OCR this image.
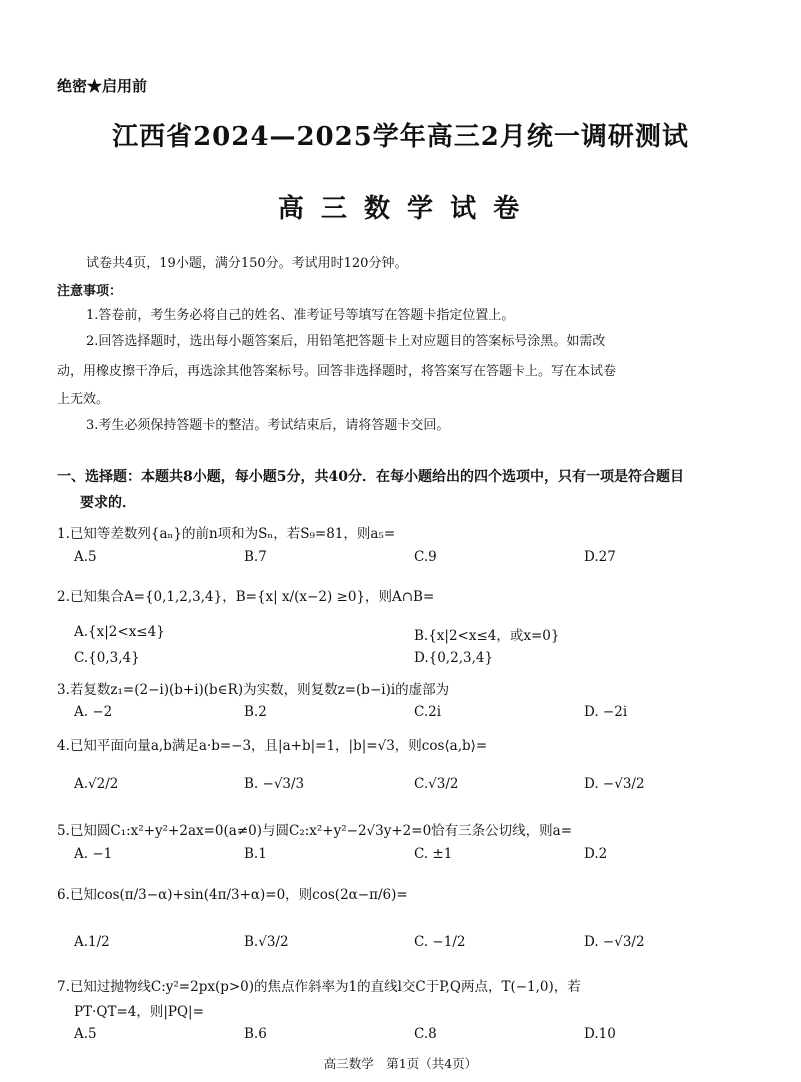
绝密★启用前
江西省2024—2025学年高三2月统一调研测试
高 三 数 学 试 卷
试卷共4页，19小题，满分150分。考试用时120分钟。
注意事项：
1.答卷前，考生务必将自己的姓名、准考证号等填写在答题卡指定位置上。
2.回答选择题时，选出每小题答案后，用铅笔把答题卡上对应题目的答案标号涂黑。如需改
动，用橡皮擦干净后，再选涂其他答案标号。回答非选择题时，将答案写在答题卡上。写在本试卷
上无效。
3.考生必须保持答题卡的整洁。考试结束后，请将答题卡交回。
一、选择题：本题共8小题，每小题5分，共40分．在每小题给出的四个选项中，只有一项是符合题目
要求的．
1.已知等差数列{aₙ}的前n项和为Sₙ，若S₉=81，则a₅=
A.5	B.7	C.9	D.27
2.已知集合A={0,1,2,3,4}，B={x| x/(x−2) ≥0}，则A∩B=
A.{x|2<x≤4}	B.{x|2<x≤4，或x=0}
C.{0,3,4}	D.{0,2,3,4}
3.若复数z₁=(2−i)(b+i)(b∈R)为实数，则复数z=(b−i)i的虚部为
A. −2	B.2	C.2i	D. −2i
4.已知平面向量a,b满足a·b=−3，且|a+b|=1，|b|=√3，则cos⟨a,b⟩=
A.√2/2	B. −√3/3	C.√3/2	D. −√3/2
5.已知圆C₁:x²+y²+2ax=0(a≠0)与圆C₂:x²+y²−2√3y+2=0恰有三条公切线，则a=
A. −1	B.1	C. ±1	D.2
6.已知cos(π/3−α)+sin(4π/3+α)=0，则cos(2α−π/6)=
A.1/2	B.√3/2	C. −1/2	D. −√3/2
7.已知过抛物线C:y²=2px(p>0)的焦点作斜率为1的直线l交C于P,Q两点，T(−1,0)，若
PT·QT=4，则|PQ|=
A.5	B.6	C.8	D.10
高三数学　第1页（共4页）
